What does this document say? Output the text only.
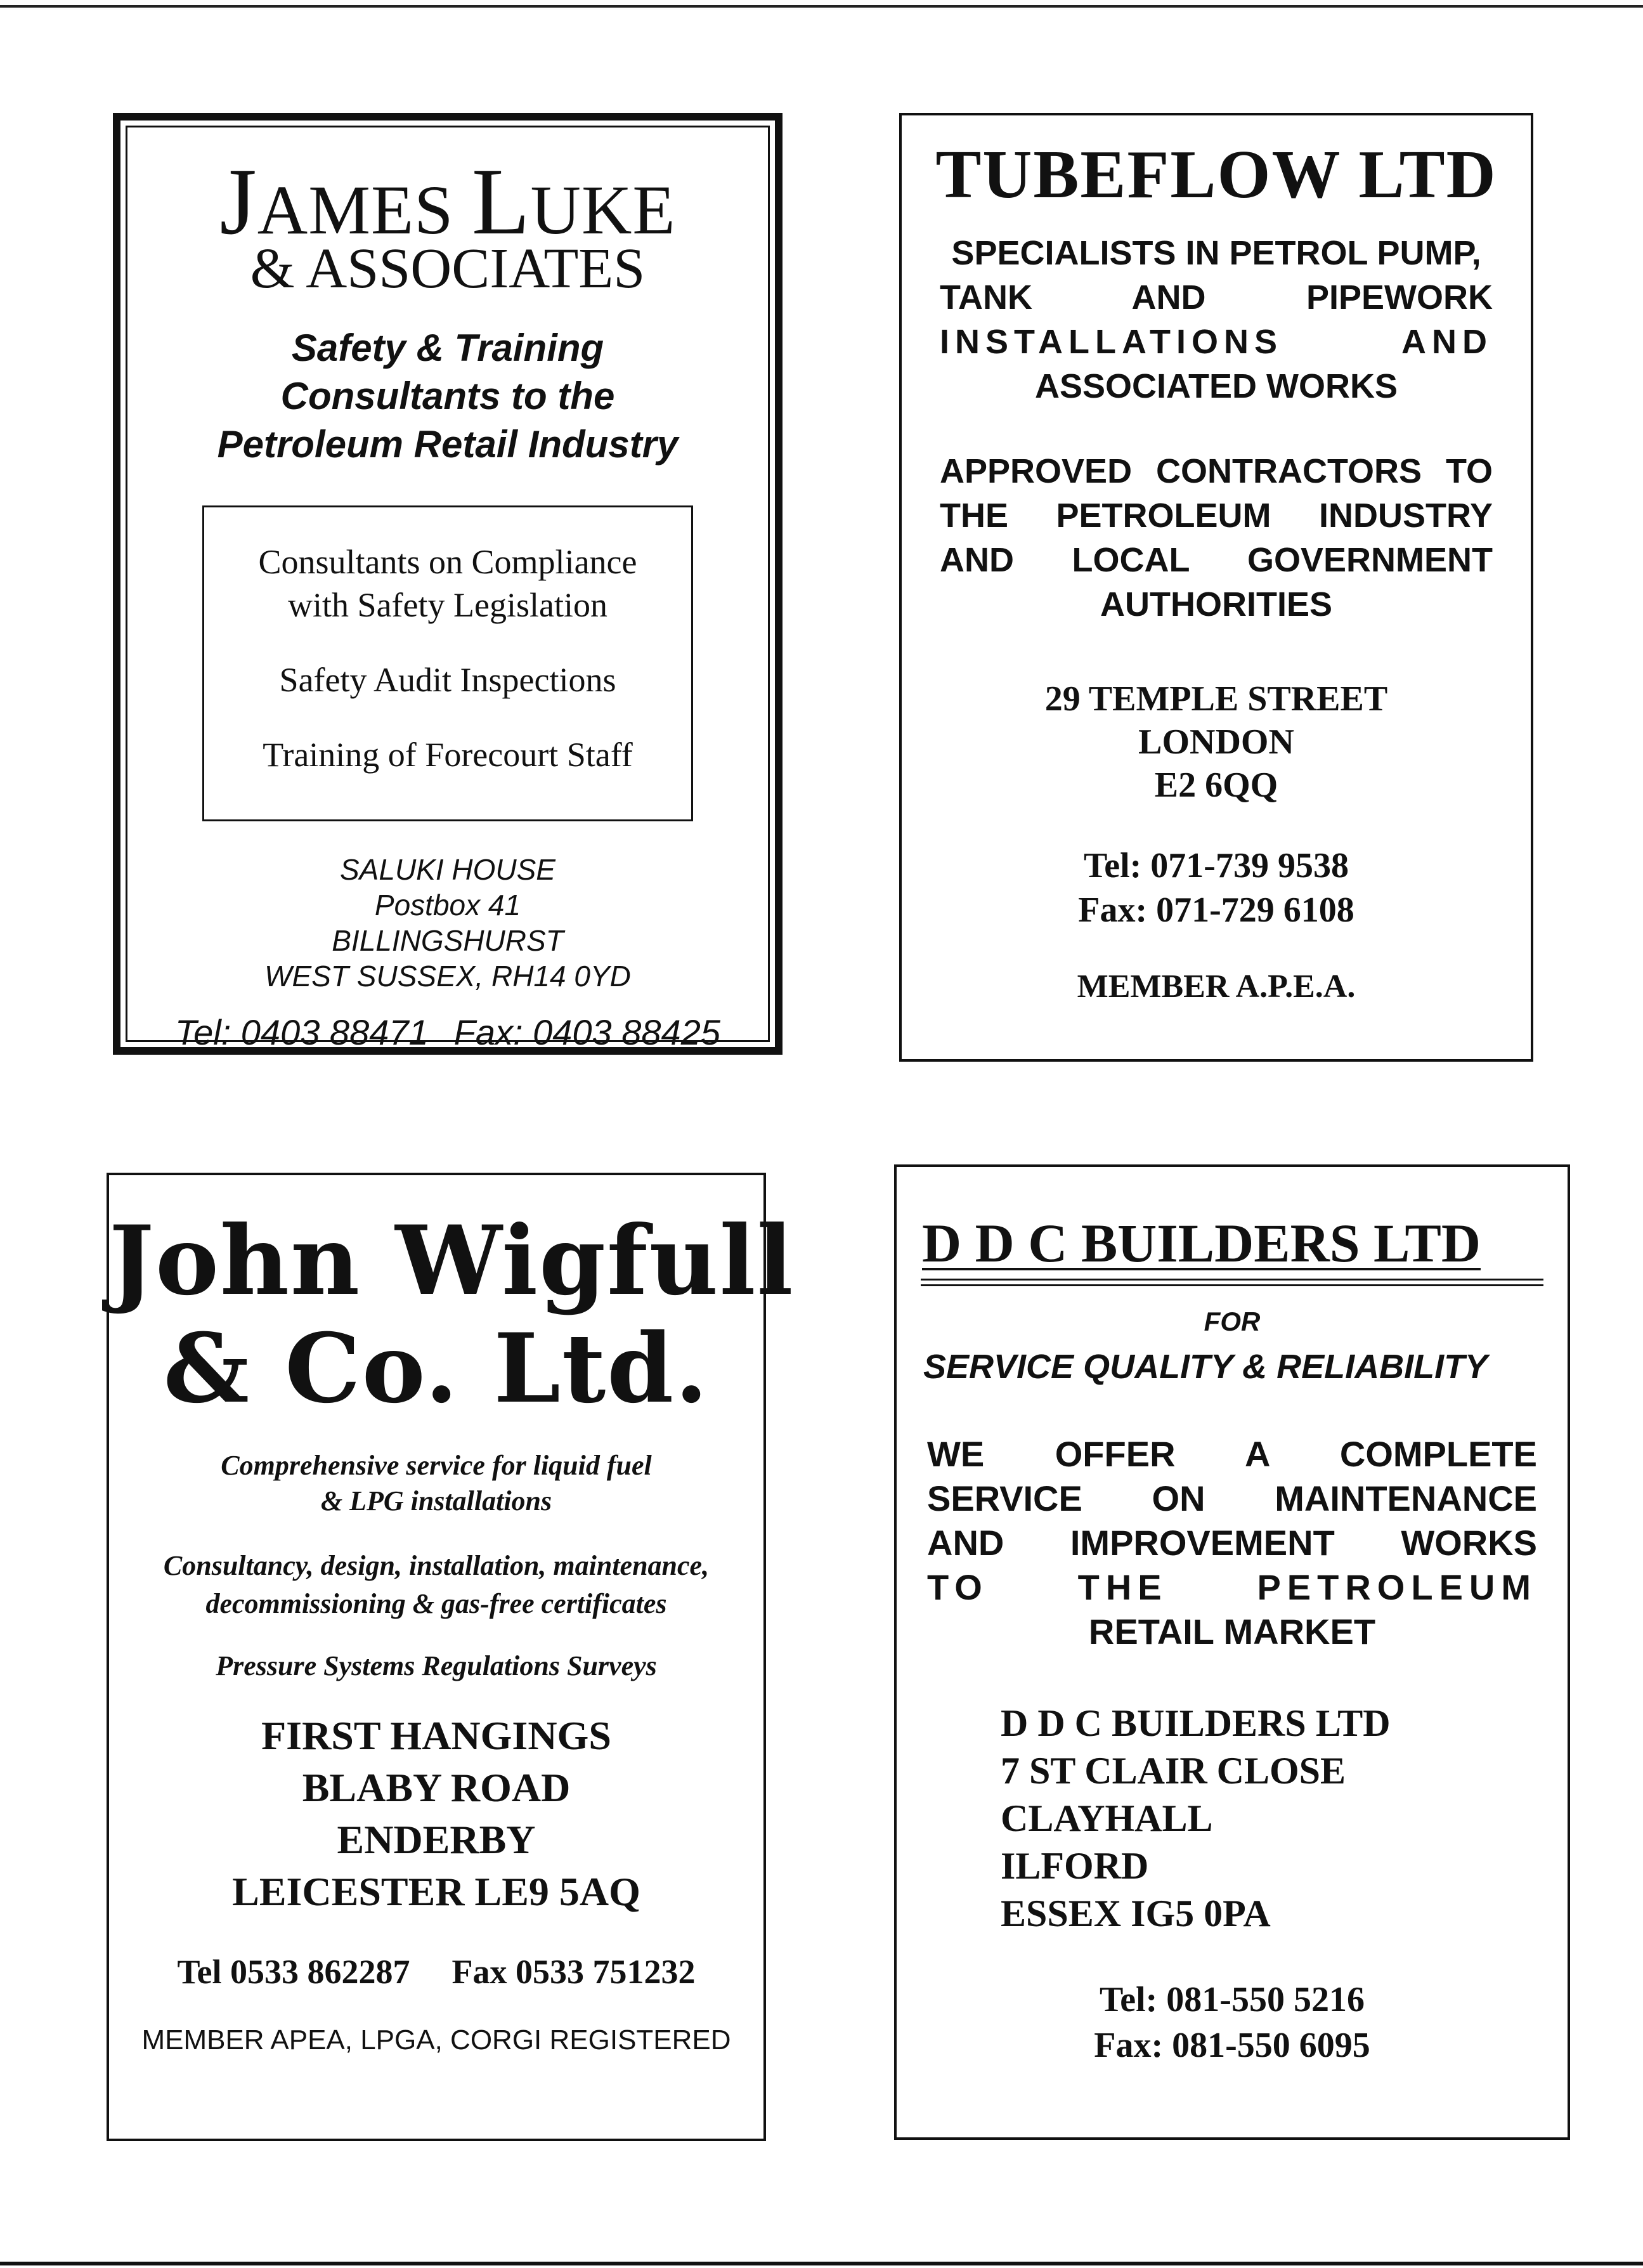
JAMES LUKE
& ASSOCIATES
Safety & Training
Consultants to the
Petroleum Retail Industry
Consultants on Compliance
with Safety Legislation
Safety Audit Inspections
Training of Forecourt Staff
SALUKI HOUSE
Postbox 41
BILLINGSHURST
WEST SUSSEX, RH14 0YD
Tel: 0403 88471 Fax: 0403 88425
TUBEFLOW LTD
SPECIALISTS IN PETROL PUMP,
TANK	AND	PIPEWORK
INSTALLATIONS	AND
ASSOCIATED WORKS
APPROVED CONTRACTORS TO
THE PETROLEUM INDUSTRY
AND LOCAL GOVERNMENT
AUTHORITIES
29 TEMPLE STREET
LONDON
E2 6QQ
Tel: 071-739 9538
Fax: 071-729 6108
MEMBER A.P.E.A.
John Wigfull
& Co. Ltd.
Comprehensive service for liquid fuel
& LPG installations
Consultancy, design, installation, maintenance,
decommissioning & gas-free certificates
Pressure Systems Regulations Surveys
FIRST HANGINGS
BLABY ROAD
ENDERBY
LEICESTER LE9 5AQ
Tel 0533 862287 Fax 0533 751232
MEMBER APEA, LPGA, CORGI REGISTERED
D D C BUILDERS LTD
FOR
SERVICE QUALITY & RELIABILITY
WE OFFER A COMPLETE
SERVICE ON MAINTENANCE
AND IMPROVEMENT WORKS
TO	THE	PETROLEUM
RETAIL MARKET
D D C BUILDERS LTD
7 ST CLAIR CLOSE
CLAYHALL
ILFORD
ESSEX IG5 0PA
Tel: 081-550 5216
Fax: 081-550 6095
